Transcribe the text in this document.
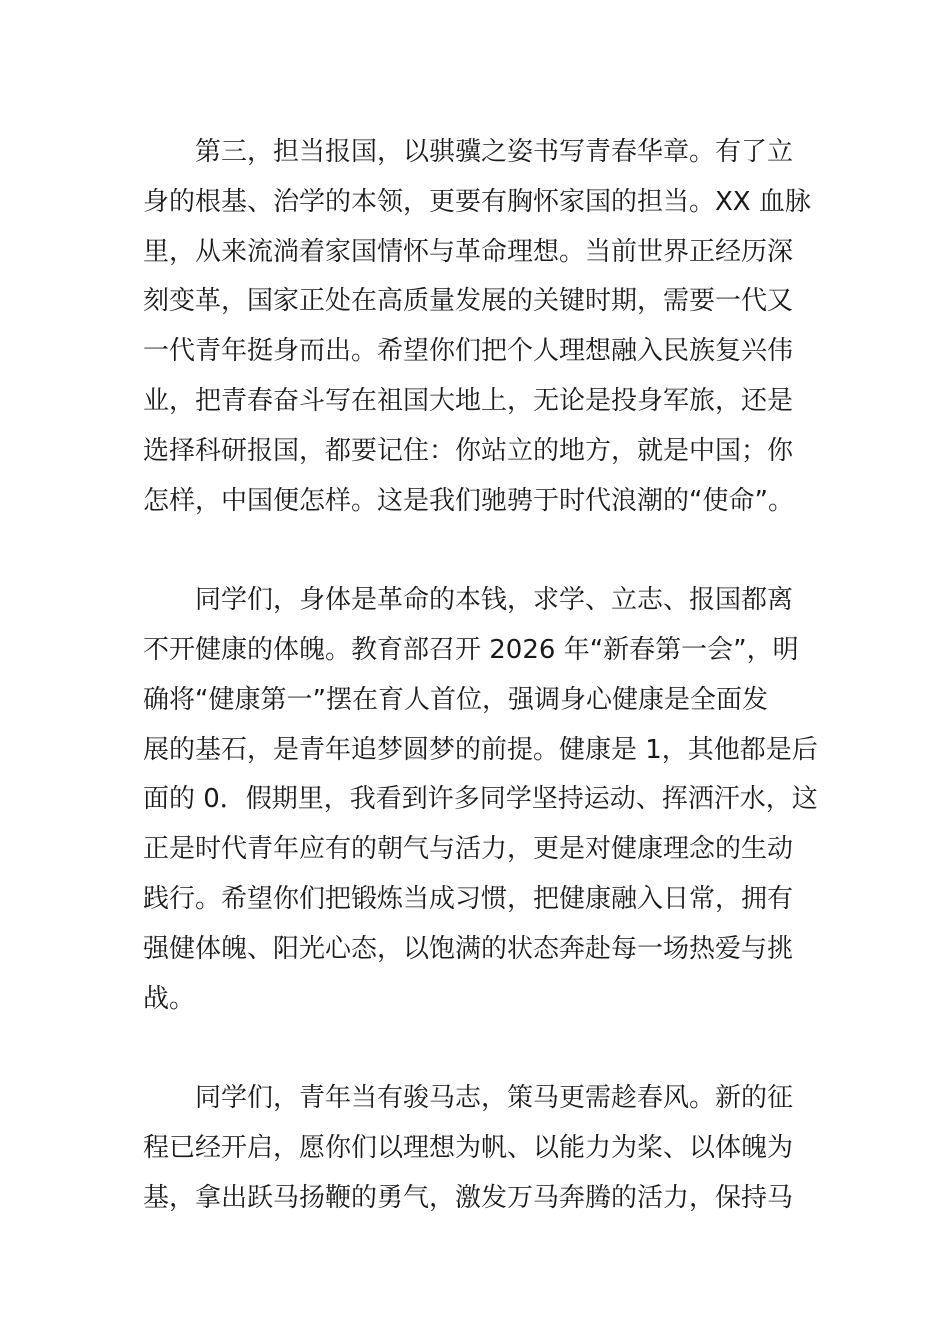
第三，担当报国，以骐骥之姿书写青春华章。有了立
身的根基、治学的本领，更要有胸怀家国的担当。XX 血脉
里，从来流淌着家国情怀与革命理想。当前世界正经历深
刻变革，国家正处在高质量发展的关键时期，需要一代又
一代青年挺身而出。希望你们把个人理想融入民族复兴伟
业，把青春奋斗写在祖国大地上，无论是投身军旅，还是
选择科研报国，都要记住：你站立的地方，就是中国；你
怎样，中国便怎样。这是我们驰骋于时代浪潮的“使命”。
同学们，身体是革命的本钱，求学、立志、报国都离
不开健康的体魄。教育部召开 2026 年“新春第一会”，明
确将“健康第一”摆在育人首位，强调身心健康是全面发
展的基石，是青年追梦圆梦的前提。健康是 1，其他都是后
面的 0．假期里，我看到许多同学坚持运动、挥洒汗水，这
正是时代青年应有的朝气与活力，更是对健康理念的生动
践行。希望你们把锻炼当成习惯，把健康融入日常，拥有
强健体魄、阳光心态，以饱满的状态奔赴每一场热爱与挑
战。
同学们，青年当有骏马志，策马更需趁春风。新的征
程已经开启，愿你们以理想为帆、以能力为桨、以体魄为
基，拿出跃马扬鞭的勇气，激发万马奔腾的活力，保持马
